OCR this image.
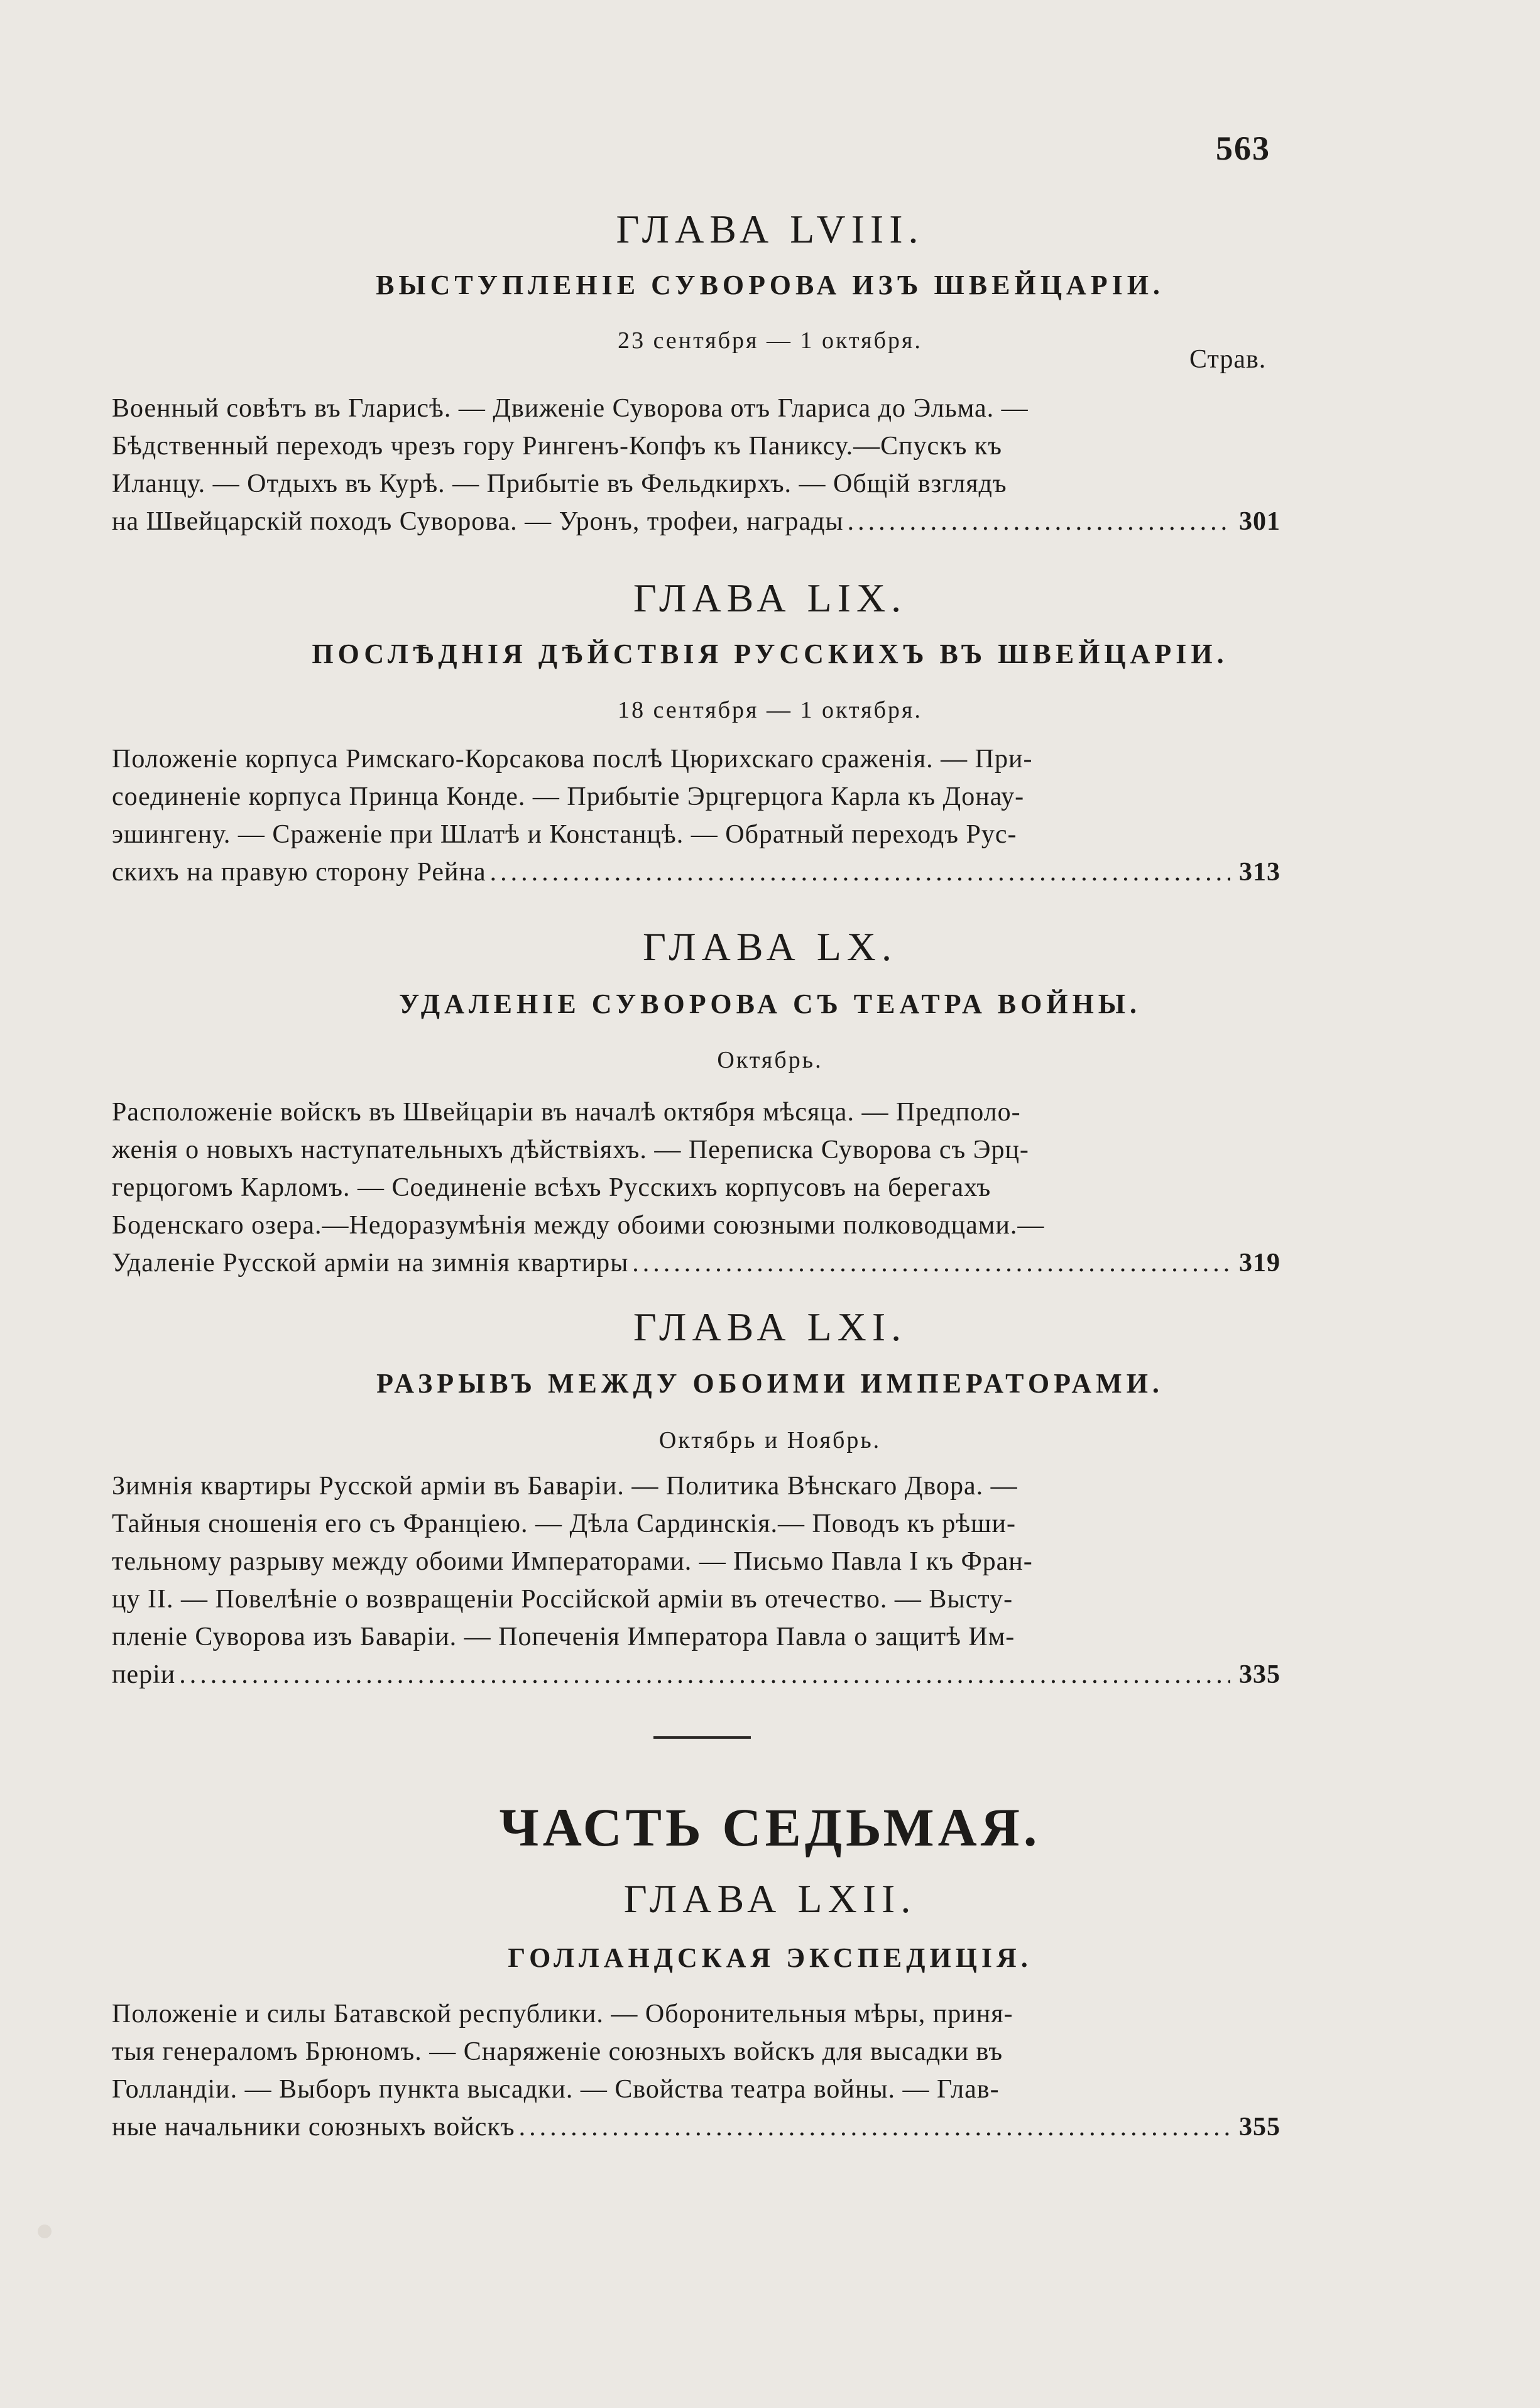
563
ГЛАВА LVIII.
ВЫСТУПЛЕНІЕ СУВОРОВА ИЗЪ ШВЕЙЦАРІИ.
23 сентября — 1 октября.
Страв.
Военный совѣтъ въ Гларисѣ. — Движеніе Суворова отъ Гларисa до Эльма. —
Бѣдственный переходъ чрезъ гору Рингенъ-Копфъ къ Паниксу.—Спускъ къ
Иланцу. — Отдыхъ въ Курѣ. — Прибытіе въ Фельдкирхъ. — Общій взглядъ
на Швейцарскій походъ Суворова. — Уронъ, трофеи, награды .....	301
ГЛАВА LIX.
ПОСЛѢДНІЯ ДѢЙСТВІЯ РУССКИХЪ ВЪ ШВЕЙЦАРІИ.
18 сентября — 1 октября.
Положеніе корпуса Римскаго-Корсакова послѣ Цюрихскаго сраженія. — При-
соединеніе корпуса Принца Конде. — Прибытіе Эрцгерцога Карла къ Донау-
эшингену. — Сраженіе при Шлатѣ и Констанцѣ. — Обратный переходъ Рус-
скихъ на правую сторону Рейна .....	313
ГЛАВА LX.
УДАЛЕНІЕ СУВОРОВА СЪ ТЕАТРА ВОЙНЫ.
Октябрь.
Расположеніе войскъ въ Швейцаріи въ началѣ октября мѣсяца. — Предполо-
женія о новыхъ наступательныхъ дѣйствіяхъ. — Переписка Суворова съ Эрц-
герцогомъ Карломъ. — Соединеніе всѣхъ Русскихъ корпусовъ на берегахъ
Боденскаго озера.—Недоразумѣнія между обоими союзными полководцами.—
Удаленіе Русской арміи на зимнія квартиры .....	319
ГЛАВА LXI.
РАЗРЫВЪ МЕЖДУ ОБОИМИ ИМПЕРАТОРАМИ.
Октябрь и Ноябрь.
Зимнія квартиры Русской арміи въ Баваріи. — Политика Вѣнскаго Двора. —
Тайныя сношенія его съ Франціею. — Дѣла Сардинскія.— Поводъ къ рѣши-
тельному разрыву между обоими Императорами. — Письмо Павла I къ Фран-
цу II. — Повелѣніе о возвращеніи Россійской арміи въ отечество. — Высту-
пленіе Суворова изъ Баваріи. — Попеченія Императора Павла о защитѣ Им-
періи .....	335
ЧАСТЬ СЕДЬМАЯ.
ГЛАВА LXII.
ГОЛЛАНДСКАЯ ЭКСПЕДИЦІЯ.
Положеніе и силы Батавской республики. — Оборонительныя мѣры, приня-
тыя генераломъ Брюномъ. — Снаряженіе союзныхъ войскъ для высадки въ
Голландіи. — Выборъ пункта высадки. — Свойства театра войны. — Глав-
ные начальники союзныхъ войскъ .....	355
